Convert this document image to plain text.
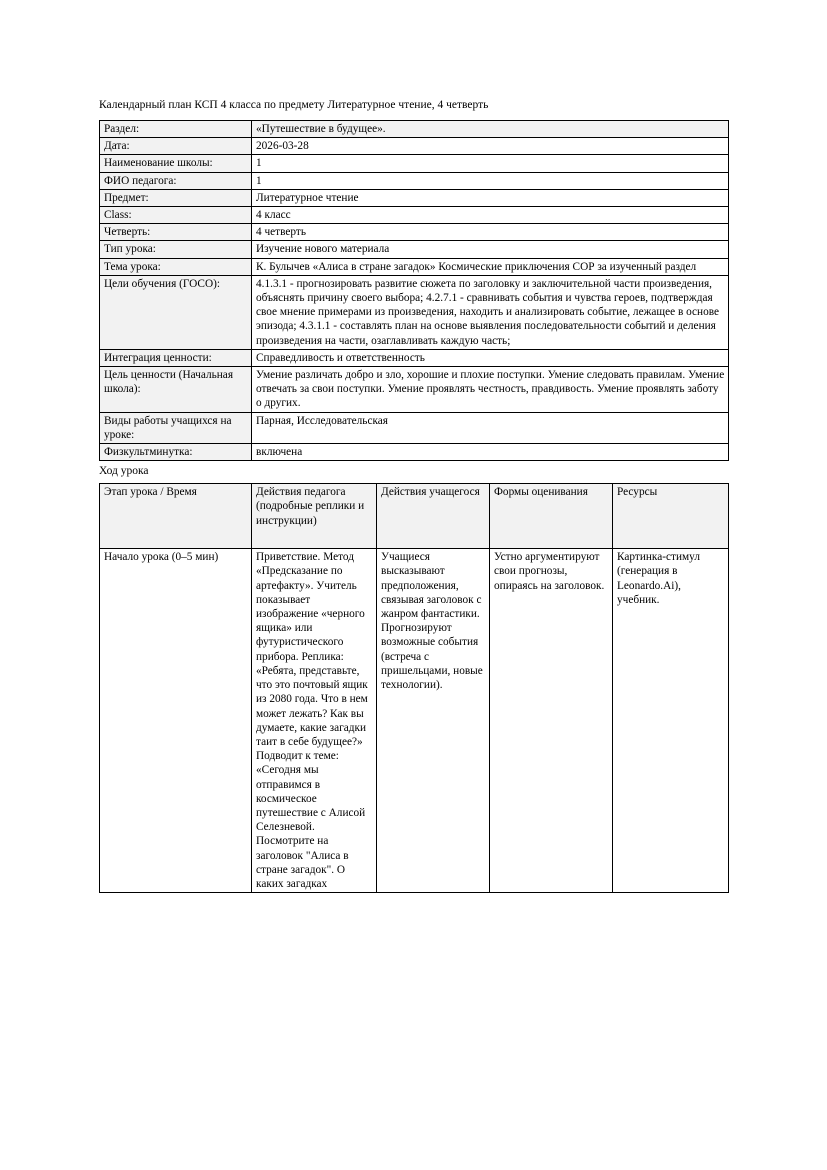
Календарный план КСП 4 класса по предмету Литературное чтение, 4 четверть

Раздел:	«Путешествие в будущее».
Дата:	2026-03-28
Наименование школы:	1
ФИО педагога:	1
Предмет:	Литературное чтение
Class:	4 класс
Четверть:	4 четверть
Тип урока:	Изучение нового материала
Тема урока:	К. Булычев «Алиса в стране загадок» Космические приключения СОР за изученный раздел
Цели обучения (ГОСО):	4.1.3.1 - прогнозировать развитие сюжета по заголовку и заключительной части произведения, объяснять причину своего выбора; 4.2.7.1 - сравнивать события и чувства героев, подтверждая свое мнение примерами из произведения, находить и анализировать событие, лежащее в основе эпизода; 4.3.1.1 - составлять план на основе выявления последовательности событий и деления произведения на части, озаглавливать каждую часть;
Интеграция ценности:	Справедливость и ответственность
Цель ценности (Начальная школа):	Умение различать добро и зло, хорошие и плохие поступки. Умение следовать правилам. Умение отвечать за свои поступки. Умение проявлять честность, правдивость. Умение проявлять заботу о других.
Виды работы учащихся на уроке:	Парная, Исследовательская
Физкультминутка:	включена

Ход урока

Этап урока / Время	Действия педагога (подробные реплики и инструкции)	Действия учащегося	Формы оценивания	Ресурсы
Начало урока (0–5 мин)	Приветствие. Метод «Предсказание по артефакту». Учитель показывает изображение «черного ящика» или футуристического прибора. Реплика: «Ребята, представьте, что это почтовый ящик из 2080 года. Что в нем может лежать? Как вы думаете, какие загадки таит в себе будущее?» Подводит к теме: «Сегодня мы отправимся в космическое путешествие с Алисой Селезневой. Посмотрите на заголовок "Алиса в стране загадок". О каких загадках	Учащиеся высказывают предположения, связывая заголовок с жанром фантастики. Прогнозируют возможные события (встреча с пришельцами, новые технологии).	Устно аргументируют свои прогнозы, опираясь на заголовок.	Картинка-стимул (генерация в Leonardo.Ai), учебник.
